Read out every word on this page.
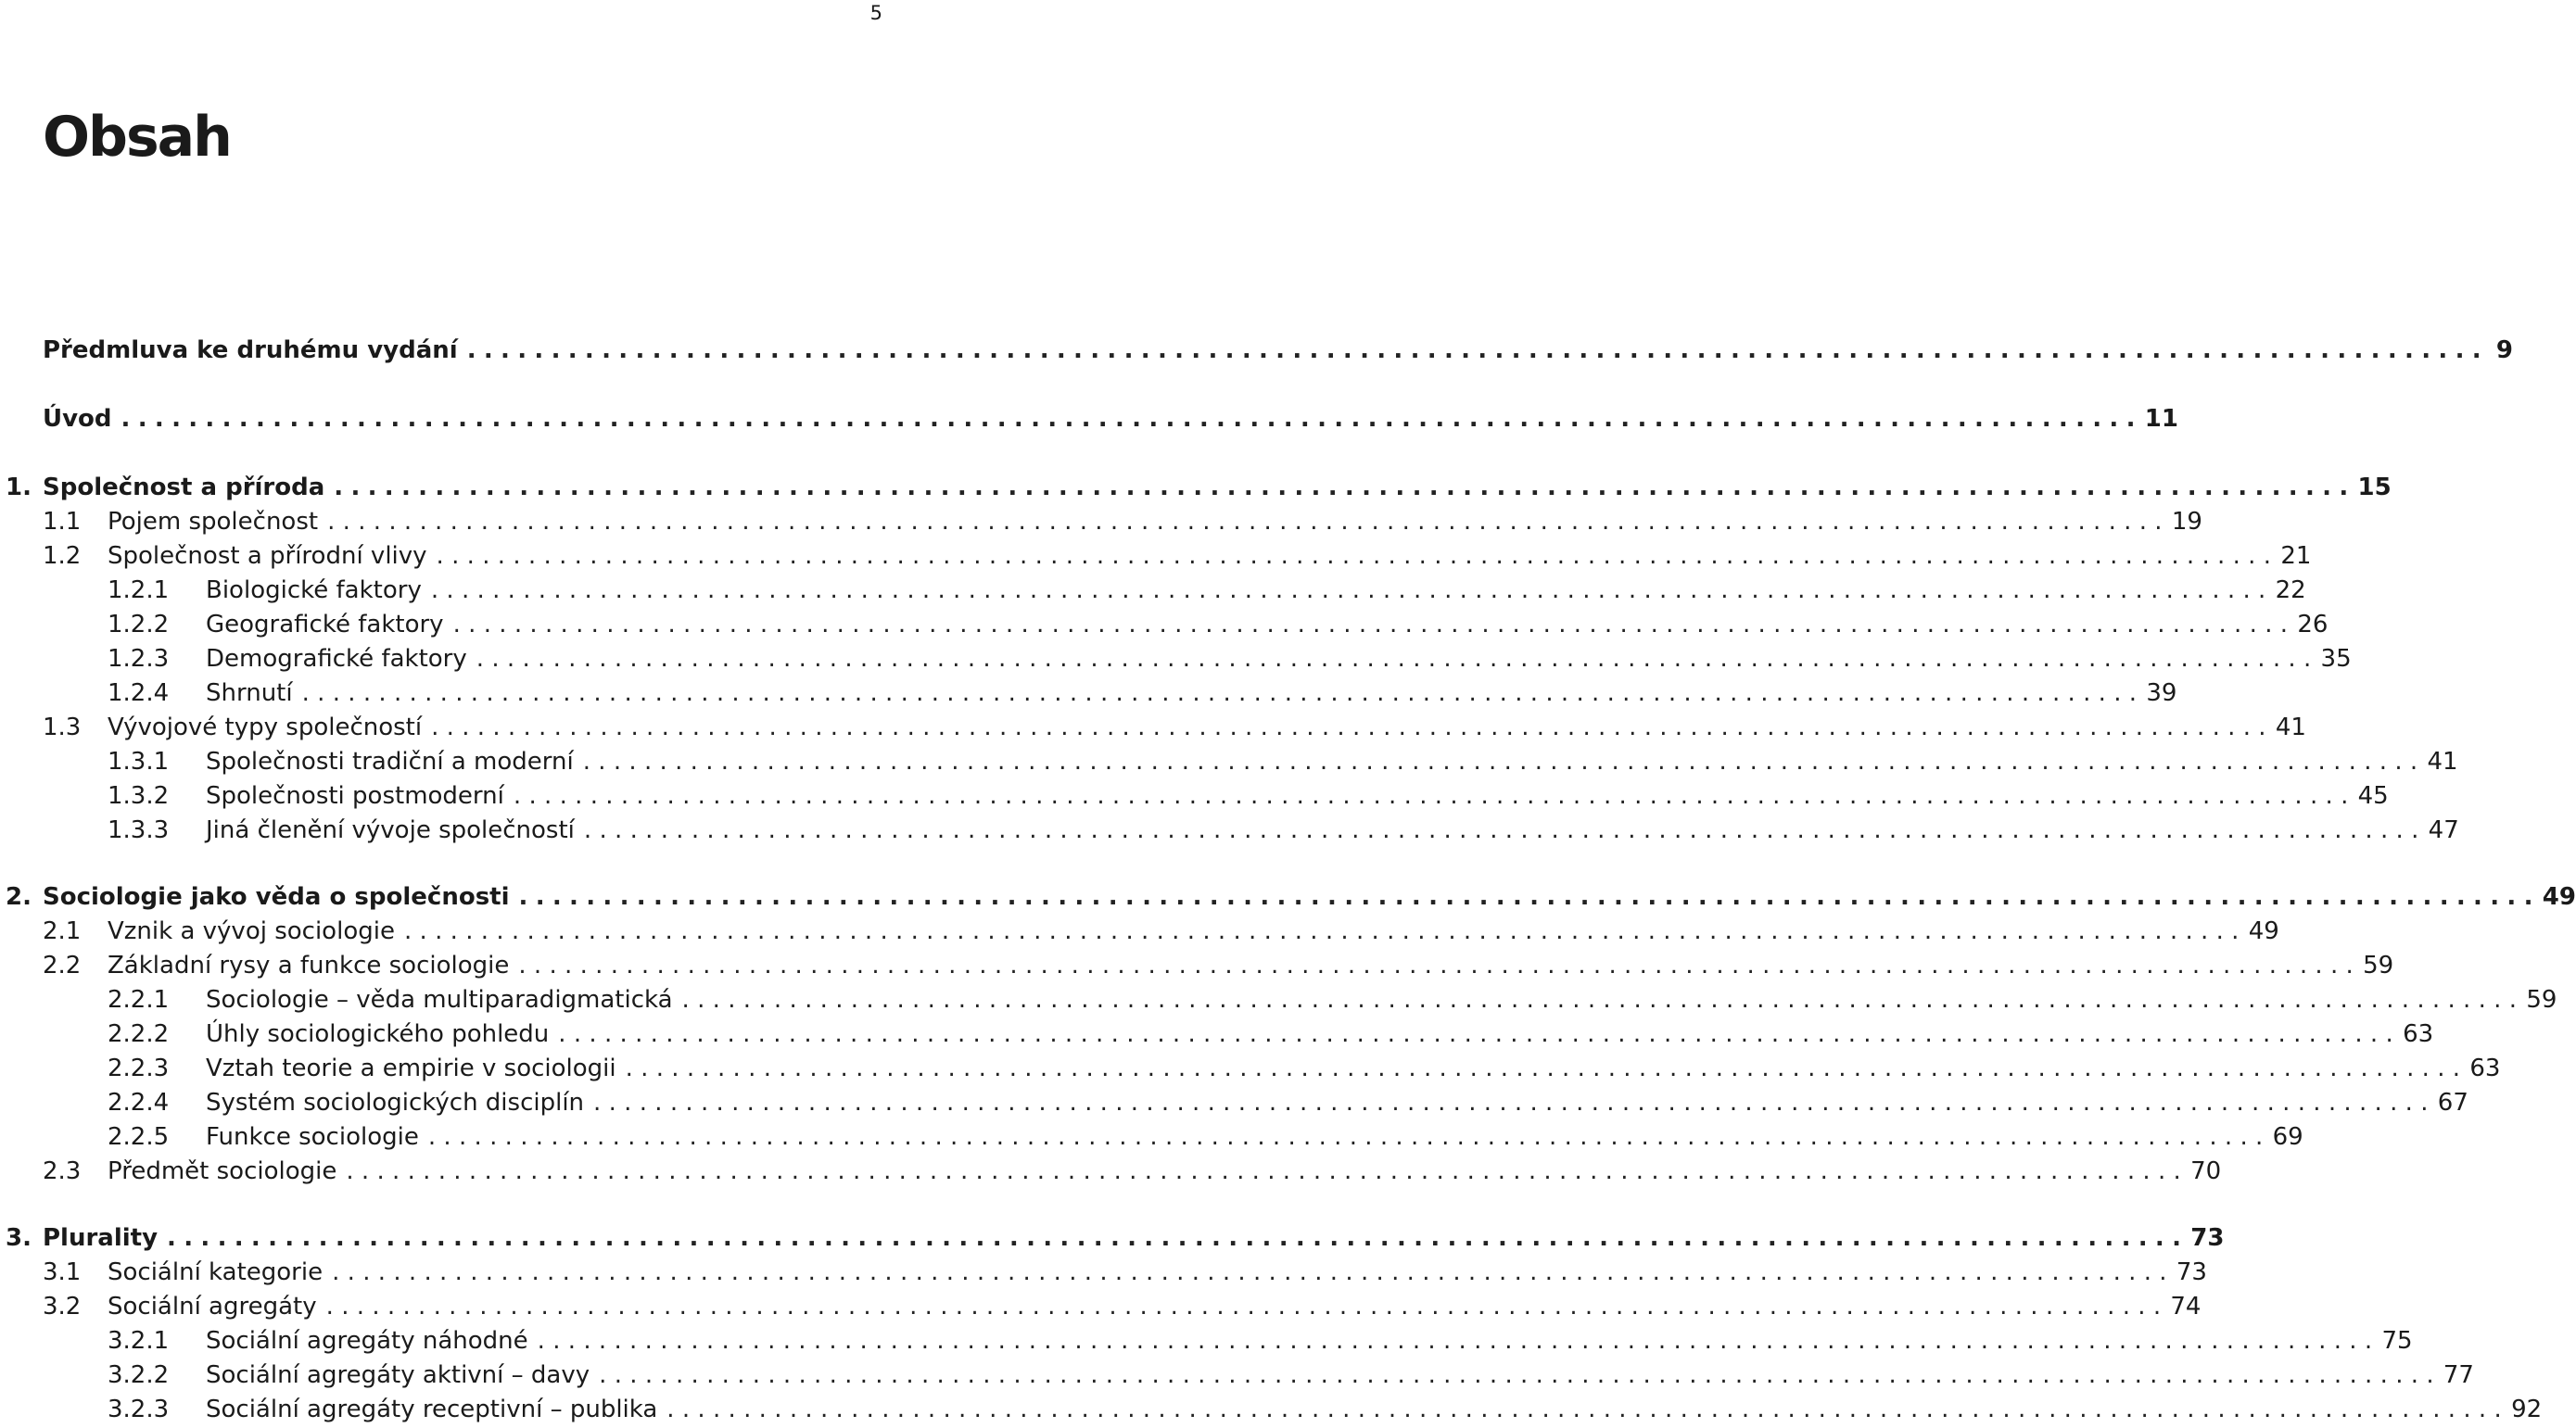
5
Obsah
Předmluva ke druhému vydání ........................................................................................................................ 9
Úvod ........................................................................................................................ 11
1. Společnost a příroda ........................................................................................................................ 15
1.1 Pojem společnost ........................................................................................................................ 19
1.2 Společnost a přírodní vlivy ........................................................................................................................ 21
1.2.1 Biologické faktory ........................................................................................................................ 22
1.2.2 Geografické faktory ........................................................................................................................ 26
1.2.3 Demografické faktory ........................................................................................................................ 35
1.2.4 Shrnutí ........................................................................................................................ 39
1.3 Vývojové typy společností ........................................................................................................................ 41
1.3.1 Společnosti tradiční a moderní ........................................................................................................................ 41
1.3.2 Společnosti postmoderní ........................................................................................................................ 45
1.3.3 Jiná členění vývoje společností ........................................................................................................................ 47
2. Sociologie jako věda o společnosti ........................................................................................................................ 49
2.1 Vznik a vývoj sociologie ........................................................................................................................ 49
2.2 Základní rysy a funkce sociologie ........................................................................................................................ 59
2.2.1 Sociologie – věda multiparadigmatická ........................................................................................................................ 59
2.2.2 Úhly sociologického pohledu ........................................................................................................................ 63
2.2.3 Vztah teorie a empirie v sociologii ........................................................................................................................ 63
2.2.4 Systém sociologických disciplín ........................................................................................................................ 67
2.2.5 Funkce sociologie ........................................................................................................................ 69
2.3 Předmět sociologie ........................................................................................................................ 70
3. Plurality ........................................................................................................................ 73
3.1 Sociální kategorie ........................................................................................................................ 73
3.2 Sociální agregáty ........................................................................................................................ 74
3.2.1 Sociální agregáty náhodné ........................................................................................................................ 75
3.2.2 Sociální agregáty aktivní – davy ........................................................................................................................ 77
3.2.3 Sociální agregáty receptivní – publika ........................................................................................................................ 92
